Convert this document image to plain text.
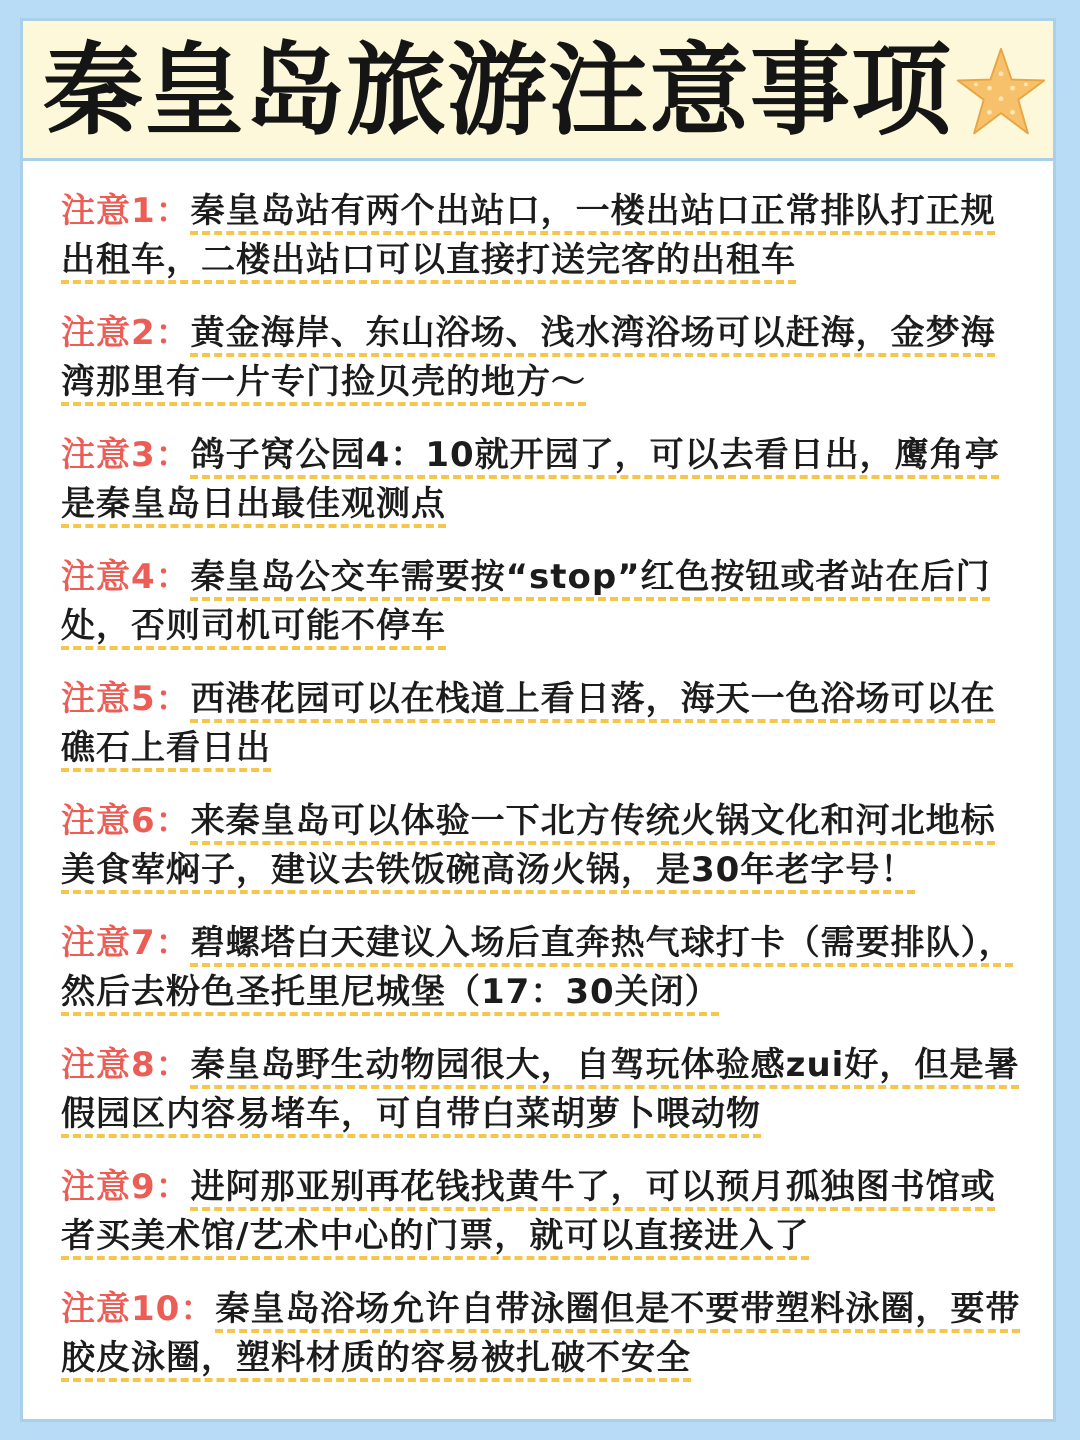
秦皇岛旅游注意事项
注意1：秦皇岛站有两个出站口，一楼出站口正常排队打正规出租车，二楼出站口可以直接打送完客的出租车
注意2：黄金海岸、东山浴场、浅水湾浴场可以赶海，金梦海湾那里有一片专门捡贝壳的地方～
注意3：鸽子窝公园4：10就开园了，可以去看日出，鹰角亭是秦皇岛日出最佳观测点
注意4：秦皇岛公交车需要按“stop”红色按钮或者站在后门处，否则司机可能不停车
注意5：西港花园可以在栈道上看日落，海天一色浴场可以在礁石上看日出
注意6：来秦皇岛可以体验一下北方传统火锅文化和河北地标美食荤焖子，建议去铁饭碗高汤火锅，是30年老字号！
注意7：碧螺塔白天建议入场后直奔热气球打卡（需要排队），然后去粉色圣托里尼城堡（17：30关闭）
注意8：秦皇岛野生动物园很大，自驾玩体验感zui好，但是暑假园区内容易堵车，可自带白菜胡萝卜喂动物
注意9：进阿那亚别再花钱找黄牛了，可以预月孤独图书馆或者买美术馆/艺术中心的门票，就可以直接进入了
注意10：秦皇岛浴场允许自带泳圈但是不要带塑料泳圈，要带胶皮泳圈，塑料材质的容易被扎破不安全
